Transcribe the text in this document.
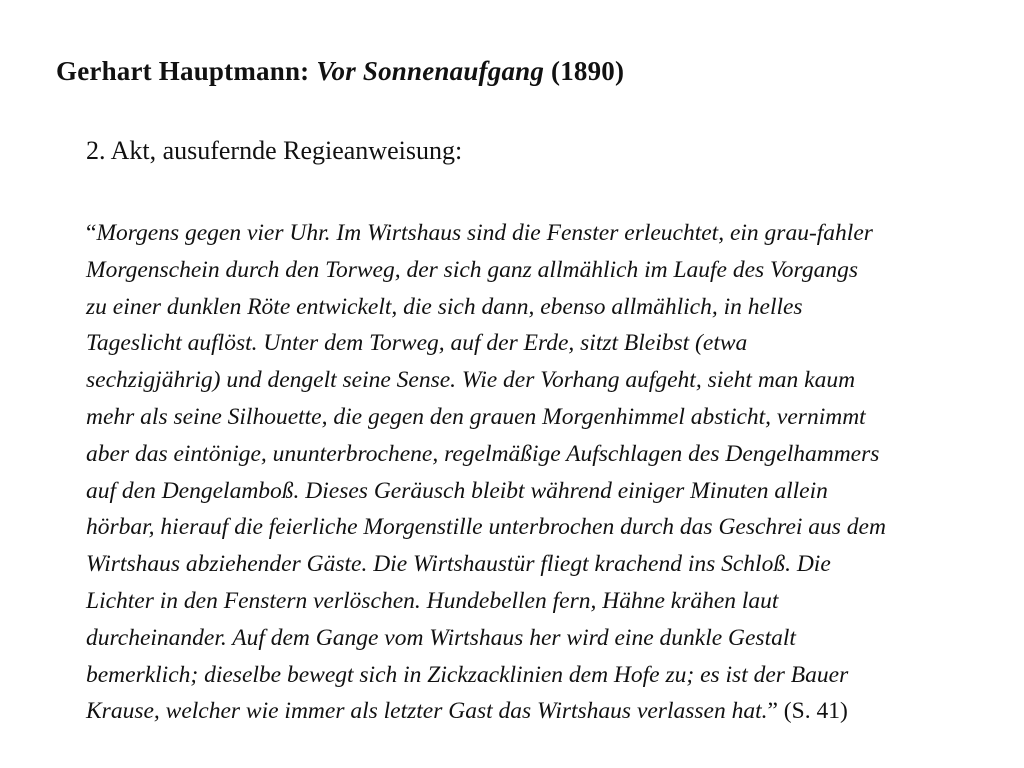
Gerhart Hauptmann: Vor Sonnenaufgang (1890)
2. Akt, ausufernde Regieanweisung:
“Morgens gegen vier Uhr. Im Wirtshaus sind die Fenster erleuchtet, ein grau-fahler
Morgenschein durch den Torweg, der sich ganz allmählich im Laufe des Vorgangs
zu einer dunklen Röte entwickelt, die sich dann, ebenso allmählich, in helles
Tageslicht auflöst. Unter dem Torweg, auf der Erde, sitzt Bleibst (etwa
sechzigjährig) und dengelt seine Sense. Wie der Vorhang aufgeht, sieht man kaum
mehr als seine Silhouette, die gegen den grauen Morgenhimmel absticht, vernimmt
aber das eintönige, ununterbrochene, regelmäßige Aufschlagen des Dengelhammers
auf den Dengelamboß. Dieses Geräusch bleibt während einiger Minuten allein
hörbar, hierauf die feierliche Morgenstille unterbrochen durch das Geschrei aus dem
Wirtshaus abziehender Gäste. Die Wirtshaustür fliegt krachend ins Schloß. Die
Lichter in den Fenstern verlöschen. Hundebellen fern, Hähne krähen laut
durcheinander. Auf dem Gange vom Wirtshaus her wird eine dunkle Gestalt
bemerklich; dieselbe bewegt sich in Zickzacklinien dem Hofe zu; es ist der Bauer
Krause, welcher wie immer als letzter Gast das Wirtshaus verlassen hat.” (S. 41)
